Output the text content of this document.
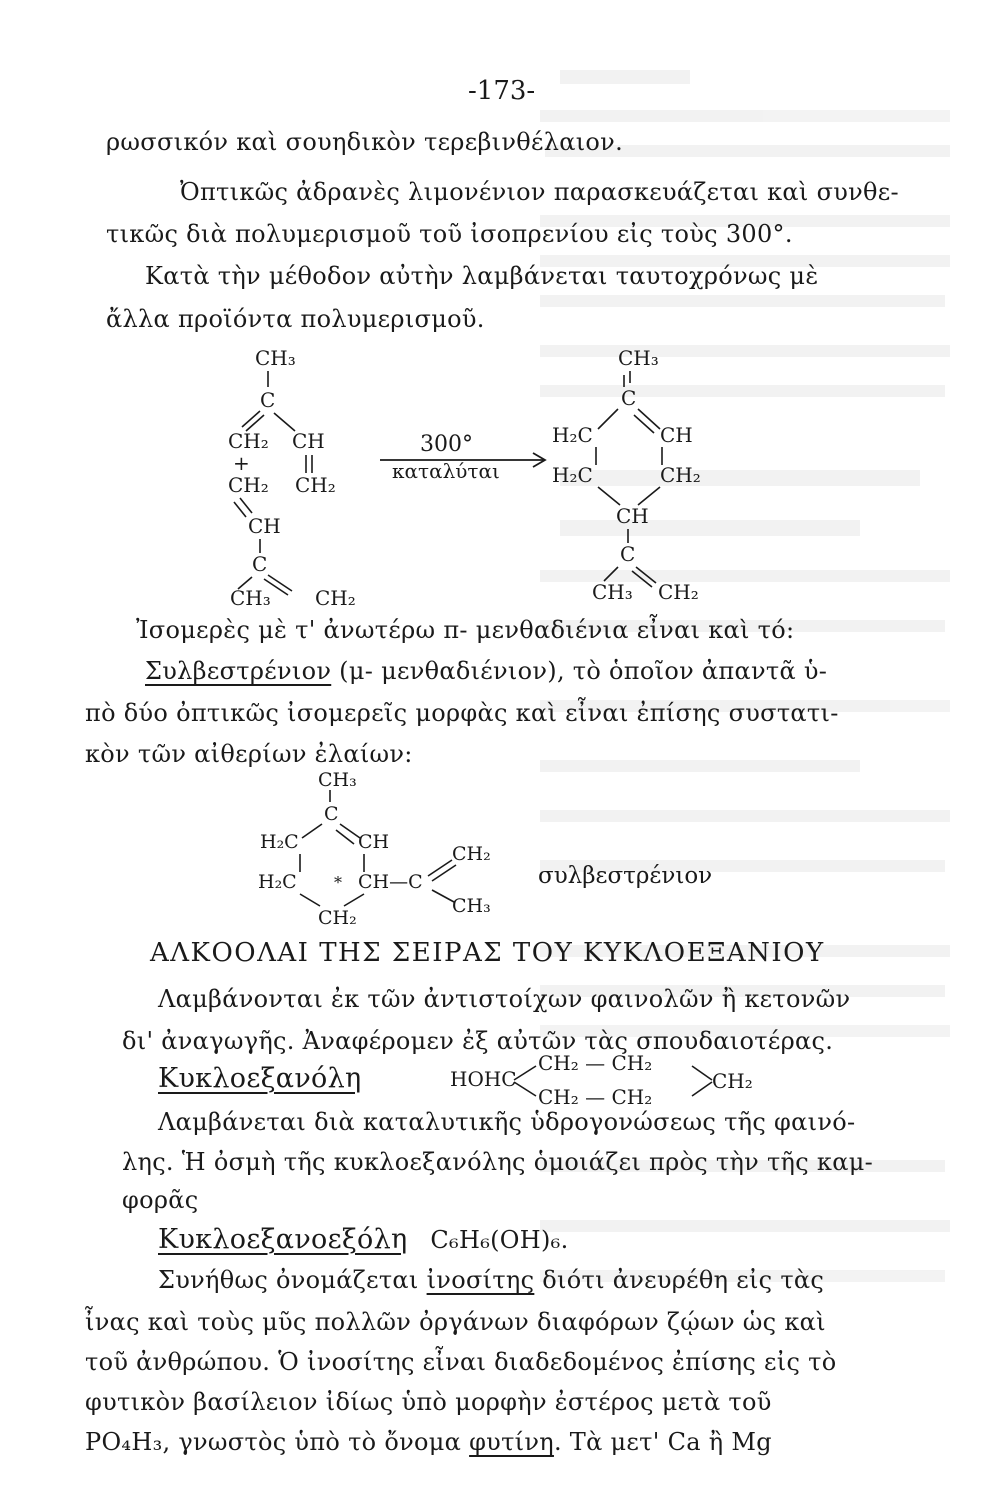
-173-
ρωσσικόν καὶ σουηδικὸν τερεβινθέλαιον.
Ὀπτικῶς ἀδρανὲς λιμονένιον παρασκευάζεται καὶ συνθε-
τικῶς διὰ πολυμερισμοῦ τοῦ ἰσοπρενίου εἰς τοὺς 300°.
Κατὰ τὴν μέθοδον αὐτὴν λαμβάνεται ταυτοχρόνως μὲ
ἄλλα προϊόντα πολυμερισμοῦ.
CH₃
C
CH₂ CH
+
CH₂ CH₂
CH
C
CH₃ CH₂
300°
καταλύται
CH₃
C
H₂C	CH
H₂C	CH₂
CH
C
CH₃ CH₂
Ἰσομερὲς μὲ τ' ἀνωτέρω π- μενθαδιένια εἶναι καὶ τό:
Συλβεστρένιον (μ- μενθαδιένιον), τὸ ὁποῖον ἀπαντᾶ ὑ-
πὸ δύο ὀπτικῶς ἰσομερεῖς μορφὰς καὶ εἶναι ἐπίσης συστατι-
κὸν τῶν αἰθερίων ἐλαίων:
CH₃
C
H₂C	CH
H₂C * CH—C
CH₂
CH₂
CH₃
συλβεστρένιον
ΑΛΚΟΟΛΑΙ ΤΗΣ ΣΕΙΡΑΣ ΤΟΥ ΚΥΚΛΟΕΞΑΝΙΟΥ
Λαμβάνονται ἐκ τῶν ἀντιστοίχων φαινολῶν ἢ κετονῶν
δι' ἀναγωγῆς. Ἀναφέρομεν ἐξ αὐτῶν τὰς σπουδαιοτέρας.
Κυκλοεξανόλη	HOHC
CH₂ — CH₂
CH₂ — CH₂
CH₂
Λαμβάνεται διὰ καταλυτικῆς ὑδρογονώσεως τῆς φαινό-
λης. Ἡ ὀσμὴ τῆς κυκλοεξανόλης ὁμοιάζει πρὸς τὴν τῆς καμ-
φορᾶς
Κυκλοεξανοεξόλη C₆H₆(OH)₆.
Συνήθως ὀνομάζεται ἰνοσίτης διότι ἀνευρέθη εἰς τὰς
ἶνας καὶ τοὺς μῦς πολλῶν ὀργάνων διαφόρων ζῴων ὡς καὶ
τοῦ ἀνθρώπου. Ὁ ἰνοσίτης εἶναι διαδεδομένος ἐπίσης εἰς τὸ
φυτικὸν βασίλειον ἰδίως ὑπὸ μορφὴν ἐστέρος μετὰ τοῦ
PO₄H₃, γνωστὸς ὑπὸ τὸ ὄνομα φυτίνη. Τὰ μετ' Ca ἢ Mg
